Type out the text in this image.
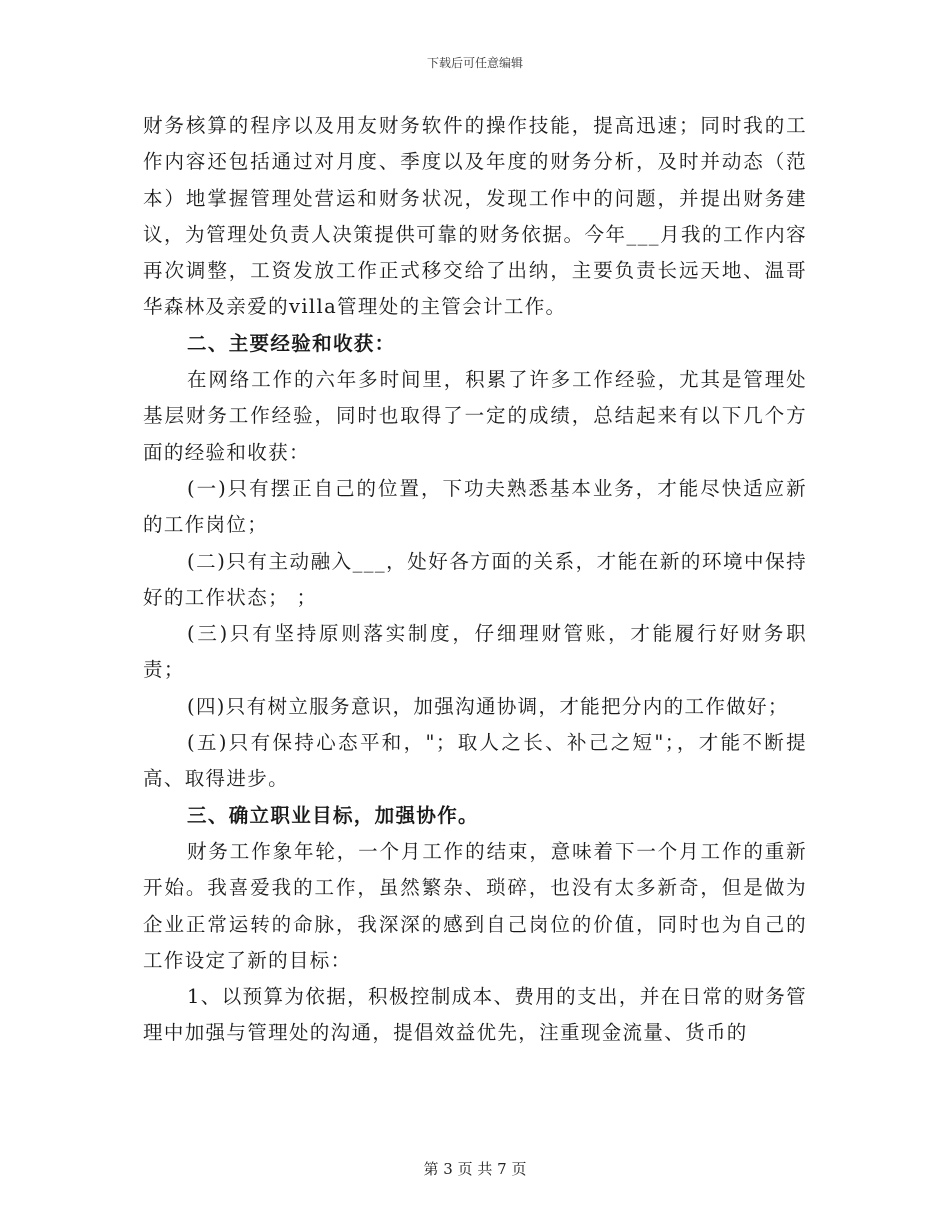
下载后可任意编辑

财务核算的程序以及用友财务软件的操作技能，提高迅速；同时我的工作内容还包括通过对月度、季度以及年度的财务分析，及时并动态（范本）地掌握管理处营运和财务状况，发现工作中的问题，并提出财务建议，为管理处负责人决策提供可靠的财务依据。今年___月我的工作内容再次调整，工资发放工作正式移交给了出纳，主要负责长远天地、温哥华森林及亲爱的villa管理处的主管会计工作。

二、主要经验和收获：

在网络工作的六年多时间里，积累了许多工作经验，尤其是管理处基层财务工作经验，同时也取得了一定的成绩，总结起来有以下几个方面的经验和收获：

(一)只有摆正自己的位置，下功夫熟悉基本业务，才能尽快适应新的工作岗位；

(二)只有主动融入___，处好各方面的关系，才能在新的环境中保持好的工作状态； ；

(三)只有坚持原则落实制度，仔细理财管账，才能履行好财务职责；

(四)只有树立服务意识，加强沟通协调，才能把分内的工作做好；

(五)只有保持心态平和，"；取人之长、补己之短"；，才能不断提高、取得进步。

三、确立职业目标，加强协作。

财务工作象年轮，一个月工作的结束，意味着下一个月工作的重新开始。我喜爱我的工作，虽然繁杂、琐碎，也没有太多新奇，但是做为企业正常运转的命脉，我深深的感到自己岗位的价值，同时也为自己的工作设定了新的目标：

1、以预算为依据，积极控制成本、费用的支出，并在日常的财务管理中加强与管理处的沟通，提倡效益优先，注重现金流量、货币的

第 3 页 共 7 页
